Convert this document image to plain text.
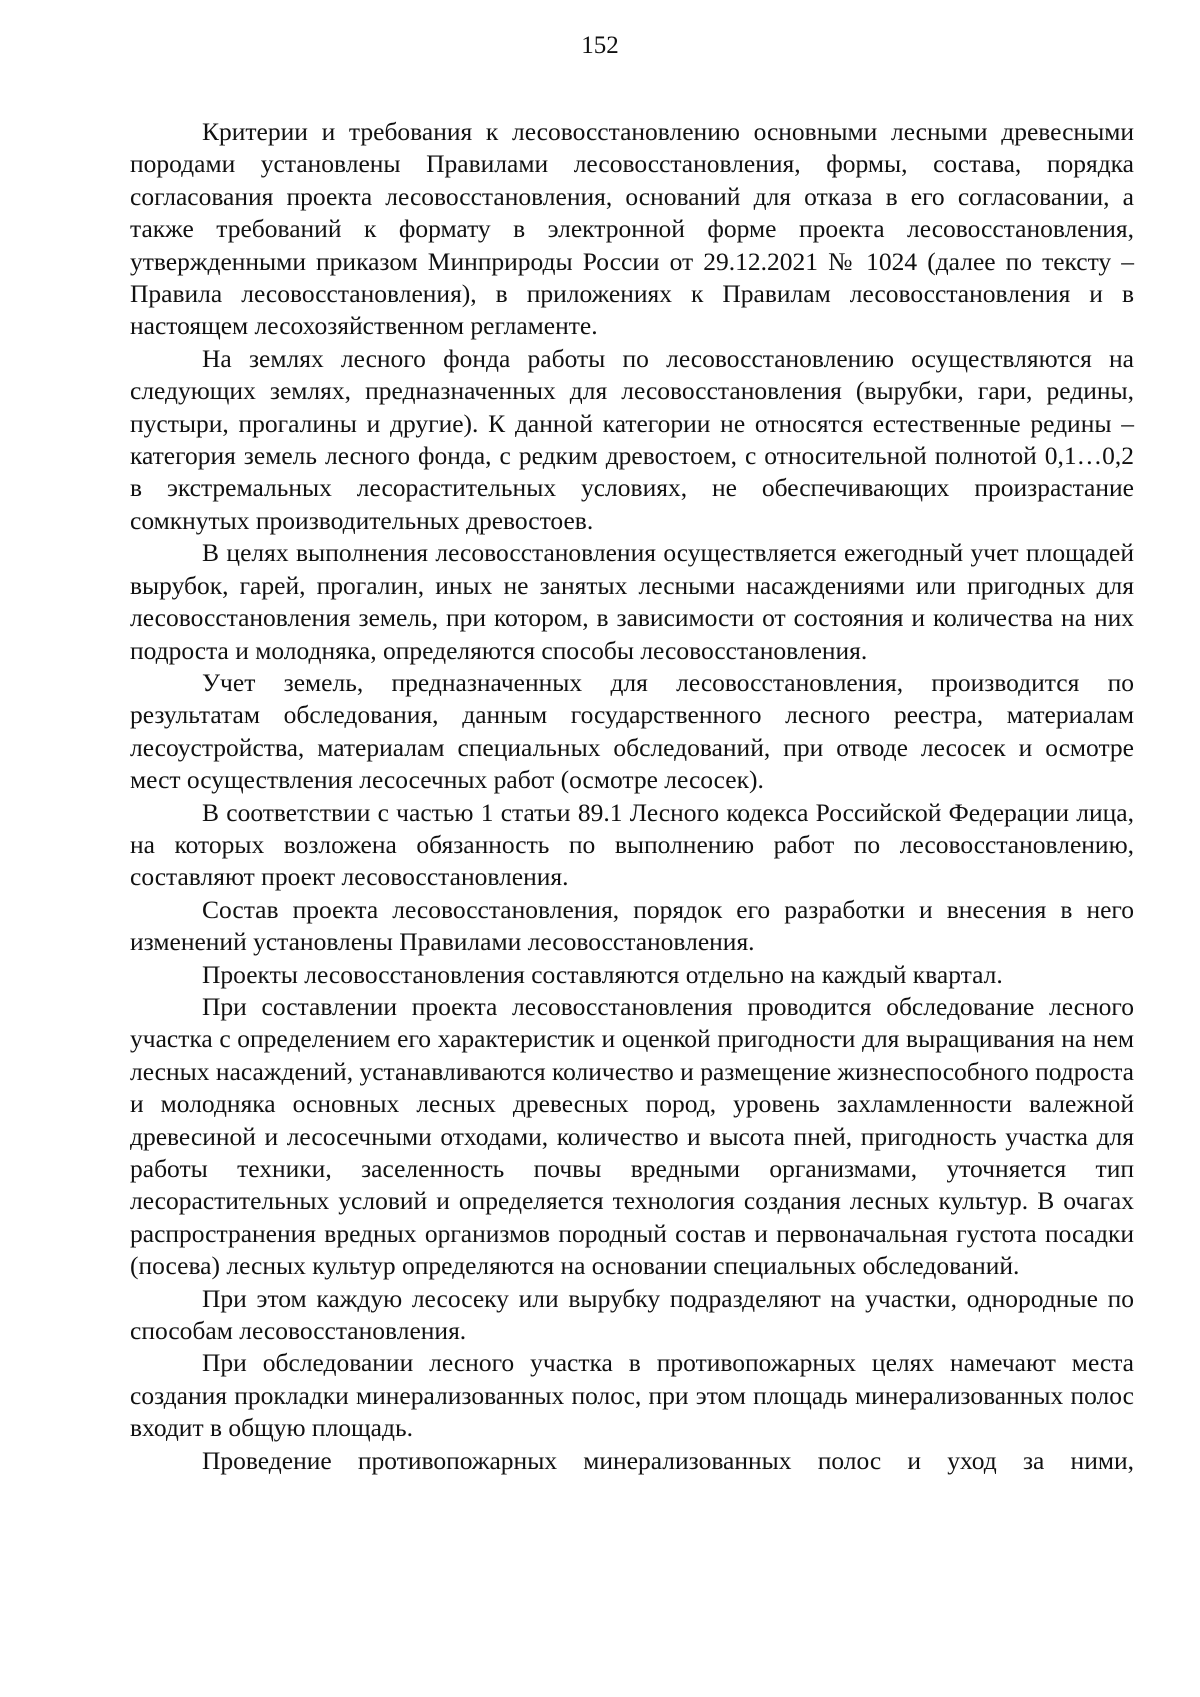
152

Критерии и требования к лесовосстановлению основными лесными древесными породами установлены Правилами лесовосстановления, формы, состава, порядка согласования проекта лесовосстановления, оснований для отказа в его согласовании, а также требований к формату в электронной форме проекта лесовосстановления, утвержденными приказом Минприроды России от 29.12.2021 № 1024 (далее по тексту – Правила лесовосстановления), в приложениях к Правилам лесовосстановления и в настоящем лесохозяйственном регламенте.

На землях лесного фонда работы по лесовосстановлению осуществляются на следующих землях, предназначенных для лесовосстановления (вырубки, гари, редины, пустыри, прогалины и другие). К данной категории не относятся естественные редины – категория земель лесного фонда, с редким древостоем, с относительной полнотой 0,1…0,2 в экстремальных лесорастительных условиях, не обеспечивающих произрастание сомкнутых производительных древостоев.

В целях выполнения лесовосстановления осуществляется ежегодный учет площадей вырубок, гарей, прогалин, иных не занятых лесными насаждениями или пригодных для лесовосстановления земель, при котором, в зависимости от состояния и количества на них подроста и молодняка, определяются способы лесовосстановления.

Учет земель, предназначенных для лесовосстановления, производится по результатам обследования, данным государственного лесного реестра, материалам лесоустройства, материалам специальных обследований, при отводе лесосек и осмотре мест осуществления лесосечных работ (осмотре лесосек).

В соответствии с частью 1 статьи 89.1 Лесного кодекса Российской Федерации лица, на которых возложена обязанность по выполнению работ по лесовосстановлению, составляют проект лесовосстановления.

Состав проекта лесовосстановления, порядок его разработки и внесения в него изменений установлены Правилами лесовосстановления.

Проекты лесовосстановления составляются отдельно на каждый квартал.

При составлении проекта лесовосстановления проводится обследование лесного участка с определением его характеристик и оценкой пригодности для выращивания на нем лесных насаждений, устанавливаются количество и размещение жизнеспособного подроста и молодняка основных лесных древесных пород, уровень захламленности валежной древесиной и лесосечными отходами, количество и высота пней, пригодность участка для работы техники, заселенность почвы вредными организмами, уточняется тип лесорастительных условий и определяется технология создания лесных культур. В очагах распространения вредных организмов породный состав и первоначальная густота посадки (посева) лесных культур определяются на основании специальных обследований.

При этом каждую лесосеку или вырубку подразделяют на участки, однородные по способам лесовосстановления.

При обследовании лесного участка в противопожарных целях намечают места создания прокладки минерализованных полос, при этом площадь минерализованных полос входит в общую площадь.

Проведение противопожарных минерализованных полос и уход за ними,
